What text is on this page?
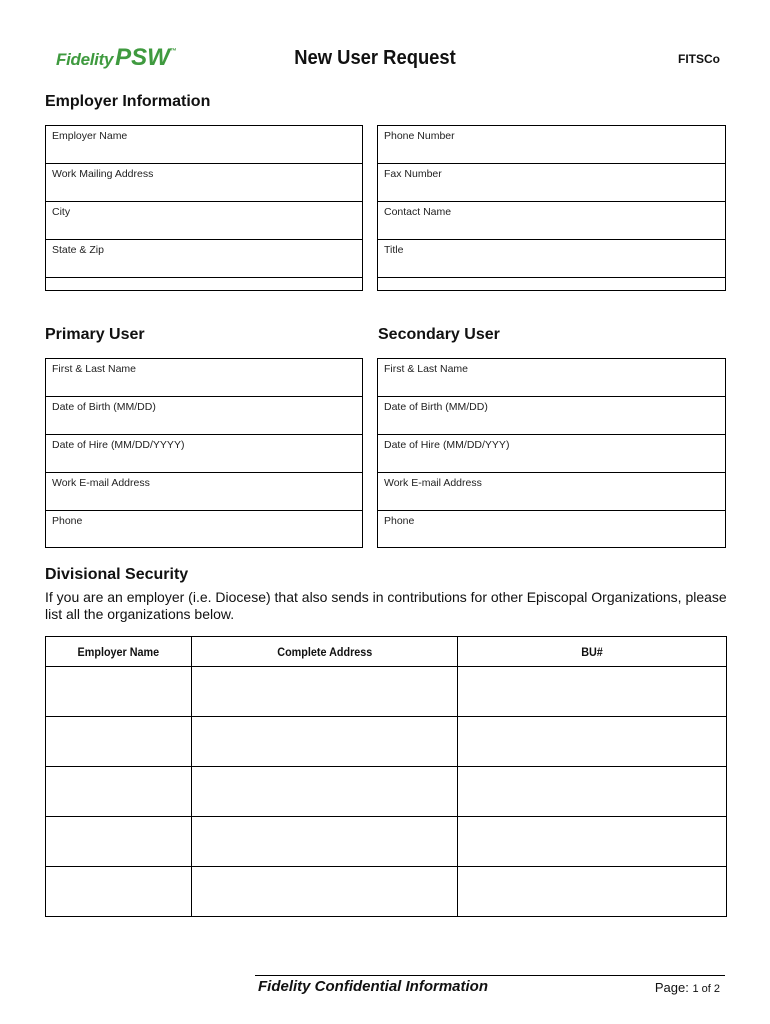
FidelityPSW™	New User Request	FITSCo
Employer Information
Employer Name
Work Mailing Address
City
State & Zip
Phone Number
Fax Number
Contact Name
Title
Primary User	Secondary User
First & Last Name
Date of Birth (MM/DD)
Date of Hire (MM/DD/YYYY)
Work E-mail Address
Phone
First & Last Name
Date of Birth (MM/DD)
Date of Hire (MM/DD/YYY)
Work E-mail Address
Phone
Divisional Security
If you are an employer (i.e. Diocese) that also sends in contributions for other Episcopal Organizations, please list all the organizations below.
Employer Name	Complete Address	BU#

Fidelity Confidential Information	Page: 1 of 2
